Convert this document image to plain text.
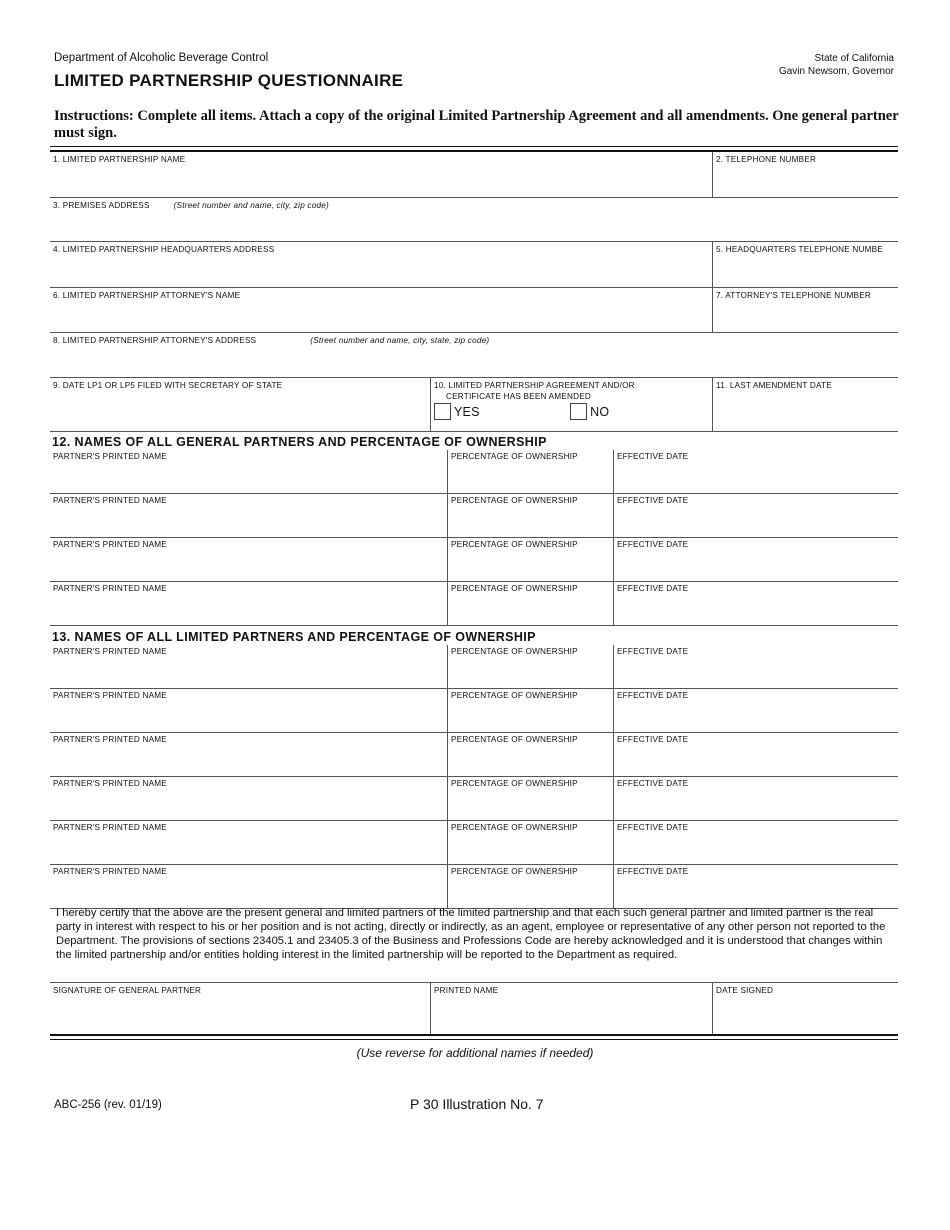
Department of Alcoholic Beverage Control
LIMITED PARTNERSHIP QUESTIONNAIRE
State of California
Gavin Newsom, Governor
Instructions: Complete all items. Attach a copy of the original Limited Partnership Agreement and all amendments. One general partner must sign.
1. LIMITED PARTNERSHIP NAME	2. TELEPHONE NUMBER
3. PREMISES ADDRESS	(Street number and name, city, zip code)
4. LIMITED PARTNERSHIP HEADQUARTERS ADDRESS	5. HEADQUARTERS TELEPHONE NUMBE
6. LIMITED PARTNERSHIP ATTORNEY'S NAME	7. ATTORNEY'S TELEPHONE NUMBER
8. LIMITED PARTNERSHIP ATTORNEY'S ADDRESS	(Street number and name, city, state, zip code)
9. DATE LP1 OR LP5 FILED WITH SECRETARY OF STATE	10. LIMITED PARTNERSHIP AGREEMENT AND/OR
CERTIFICATE HAS BEEN AMENDED
YES
	NO
11. LAST AMENDMENT DATE
12. NAMES OF ALL GENERAL PARTNERS AND PERCENTAGE OF OWNERSHIP
PARTNER'S PRINTED NAME	PERCENTAGE OF OWNERSHIP	EFFECTIVE DATE
PARTNER'S PRINTED NAME	PERCENTAGE OF OWNERSHIP	EFFECTIVE DATE
PARTNER'S PRINTED NAME	PERCENTAGE OF OWNERSHIP	EFFECTIVE DATE
PARTNER'S PRINTED NAME	PERCENTAGE OF OWNERSHIP	EFFECTIVE DATE
13. NAMES OF ALL LIMITED PARTNERS AND PERCENTAGE OF OWNERSHIP
PARTNER'S PRINTED NAME	PERCENTAGE OF OWNERSHIP	EFFECTIVE DATE
PARTNER'S PRINTED NAME	PERCENTAGE OF OWNERSHIP	EFFECTIVE DATE
PARTNER'S PRINTED NAME	PERCENTAGE OF OWNERSHIP	EFFECTIVE DATE
PARTNER'S PRINTED NAME	PERCENTAGE OF OWNERSHIP	EFFECTIVE DATE
PARTNER'S PRINTED NAME	PERCENTAGE OF OWNERSHIP	EFFECTIVE DATE
PARTNER'S PRINTED NAME	PERCENTAGE OF OWNERSHIP	EFFECTIVE DATE
I hereby certify that the above are the present general and limited partners of the limited partnership and that each such general partner and limited partner is the real party in interest with respect to his or her position and is not acting, directly or indirectly, as an agent, employee or representative of any other person not reported to the Department. The provisions of sections 23405.1 and 23405.3 of the Business and Professions Code are hereby acknowledged and it is understood that changes within the limited partnership and/or entities holding interest in the limited partnership will be reported to the Department as required.
SIGNATURE OF GENERAL PARTNER	PRINTED NAME	DATE SIGNED
(Use reverse for additional names if needed)
ABC-256 (rev. 01/19)	P 30 Illustration No. 7
